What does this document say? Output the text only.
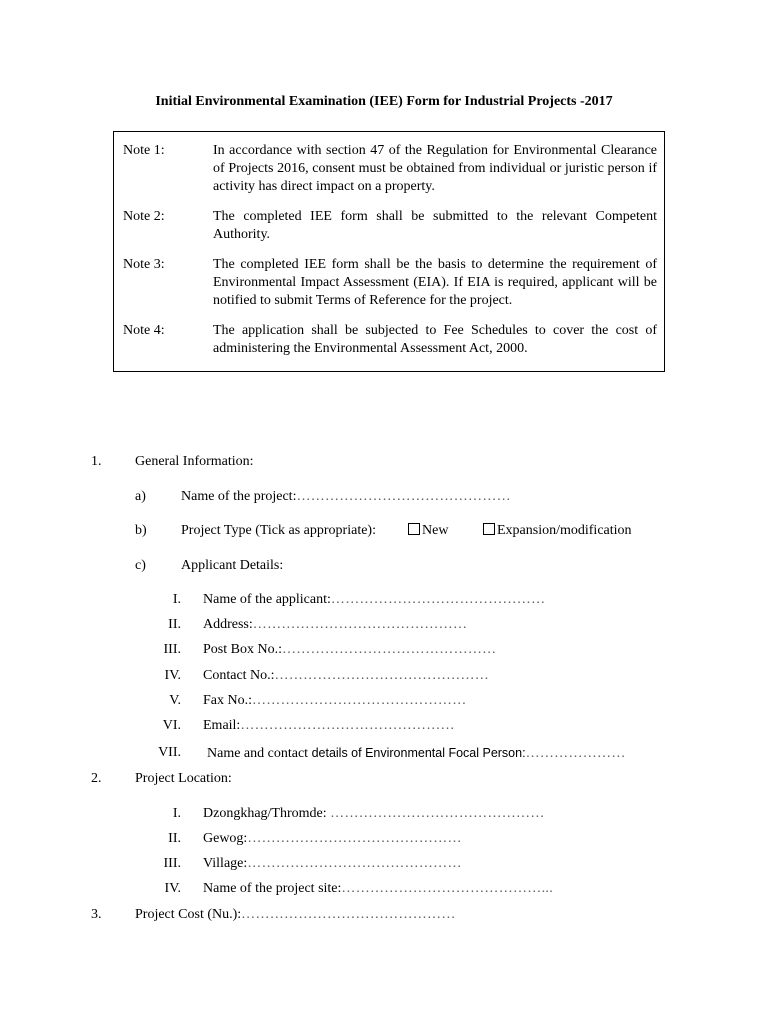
Initial Environmental Examination (IEE) Form for Industrial Projects -2017
Note 1:	In accordance with section 47 of the Regulation for Environmental Clearance of Projects 2016, consent must be obtained from individual or juristic person if activity has direct impact on a property.
Note 2:	The completed IEE form shall be submitted to the relevant Competent Authority.
Note 3:	The completed IEE form shall be the basis to determine the requirement of Environmental Impact Assessment (EIA). If EIA is required, applicant will be notified to submit Terms of Reference for the project.
Note 4:	The application shall be subjected to Fee Schedules to cover the cost of administering the Environmental Assessment Act, 2000.
1. General Information:
a)	Name of the project:………………………………………
b) Project Type (Tick as appropriate):	New	Expansion/modification
c)	Applicant Details:
I. Name of the applicant:………………………………………
II. Address:………………………………………
III. Post Box No.:………………………………………
IV. Contact No.:………………………………………
V. Fax No.:………………………………………
VI. Email:………………………………………
VII. Name and contact details of Environmental Focal Person:…………………
2. Project Location:
I. Dzongkhag/Thromde: ………………………………………
II. Gewog:………………………………………
III. Village:………………………………………
IV. Name of the project site:……………………………………...
3. Project Cost (Nu.):………………………………………
